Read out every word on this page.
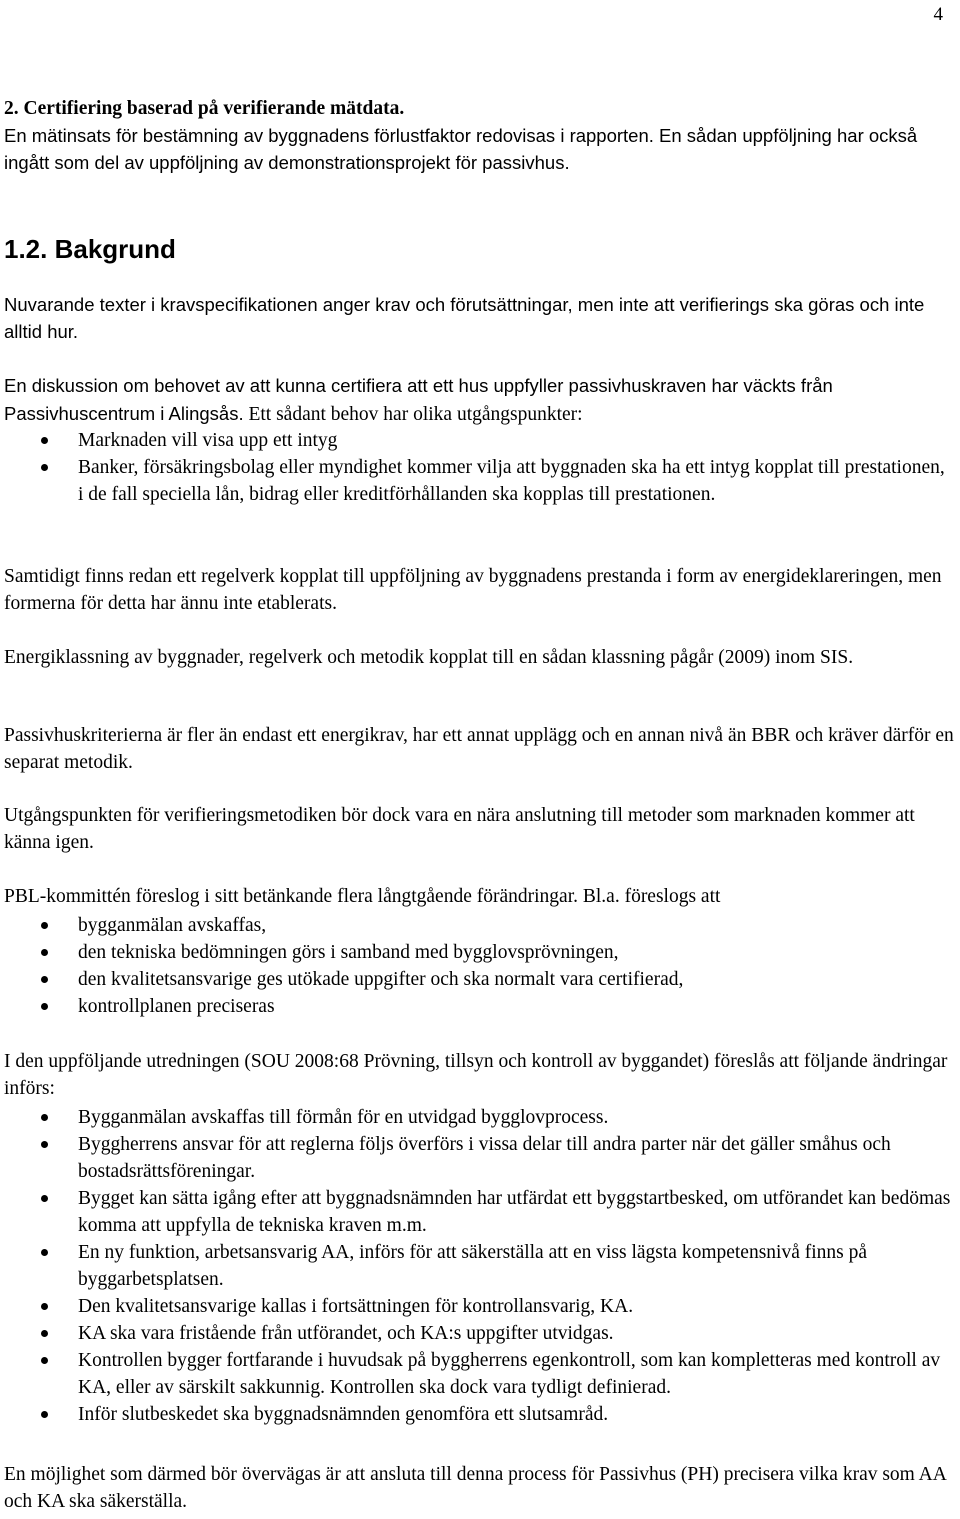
4
2. Certifiering baserad på verifierande mätdata.
En mätinsats för bestämning av byggnadens förlustfaktor redovisas i rapporten. En sådan uppföljning har också ingått som del av uppföljning av demonstrationsprojekt för passivhus.
1.2. Bakgrund

Nuvarande texter i kravspecifikationen anger krav och förutsättningar, men inte att verifierings ska göras och inte alltid hur.

En diskussion om behovet av att kunna certifiera att ett hus uppfyller passivhuskraven har väckts från Passivhuscentrum i Alingsås. Ett sådant behov har olika utgångspunkter:

Marknaden vill visa upp ett intyg
Banker, försäkringsbolag eller myndighet kommer vilja att byggnaden ska ha ett intyg kopplat till prestationen, i de fall speciella lån, bidrag eller kreditförhållanden ska kopplas till prestationen.

Samtidigt finns redan ett regelverk kopplat till uppföljning av byggnadens prestanda i form av energideklareringen, men formerna för detta har ännu inte etablerats.

Energiklassning av byggnader, regelverk och metodik kopplat till en sådan klassning pågår (2009) inom SIS.

Passivhuskriterierna är fler än endast ett energikrav, har ett annat upplägg och en annan nivå än BBR och kräver därför en separat metodik.

Utgångspunkten för verifieringsmetodiken bör dock vara en nära anslutning till metoder som marknaden kommer att känna igen.

PBL-kommittén föreslog i sitt betänkande flera långtgående förändringar. Bl.a. föreslogs att

bygganmälan avskaffas,
den tekniska bedömningen görs i samband med bygglovsprövningen,
den kvalitetsansvarige ges utökade uppgifter och ska normalt vara certifierad,
kontrollplanen preciseras

I den uppföljande utredningen (SOU 2008:68 Prövning, tillsyn och kontroll av byggandet) föreslås att följande ändringar införs:

Bygganmälan avskaffas till förmån för en utvidgad bygglovprocess.
Byggherrens ansvar för att reglerna följs överförs i vissa delar till andra parter när det gäller småhus och bostadsrättsföreningar.
Bygget kan sätta igång efter att byggnadsnämnden har utfärdat ett byggstartbesked, om utförandet kan bedömas komma att uppfylla de tekniska kraven m.m.
En ny funktion, arbetsansvarig AA, införs för att säkerställa att en viss lägsta kompetensnivå finns på byggarbetsplatsen.
Den kvalitetsansvarige kallas i fortsättningen för kontrollansvarig, KA.
KA ska vara fristående från utförandet, och KA:s uppgifter utvidgas.
Kontrollen bygger fortfarande i huvudsak på byggherrens egenkontroll, som kan kompletteras med kontroll av KA, eller av särskilt sakkunnig. Kontrollen ska dock vara tydligt definierad.
Inför slutbeskedet ska byggnadsnämnden genomföra ett slutsamråd.

En möjlighet som därmed bör övervägas är att ansluta till denna process för Passivhus (PH) precisera vilka krav som AA och KA ska säkerställa.
